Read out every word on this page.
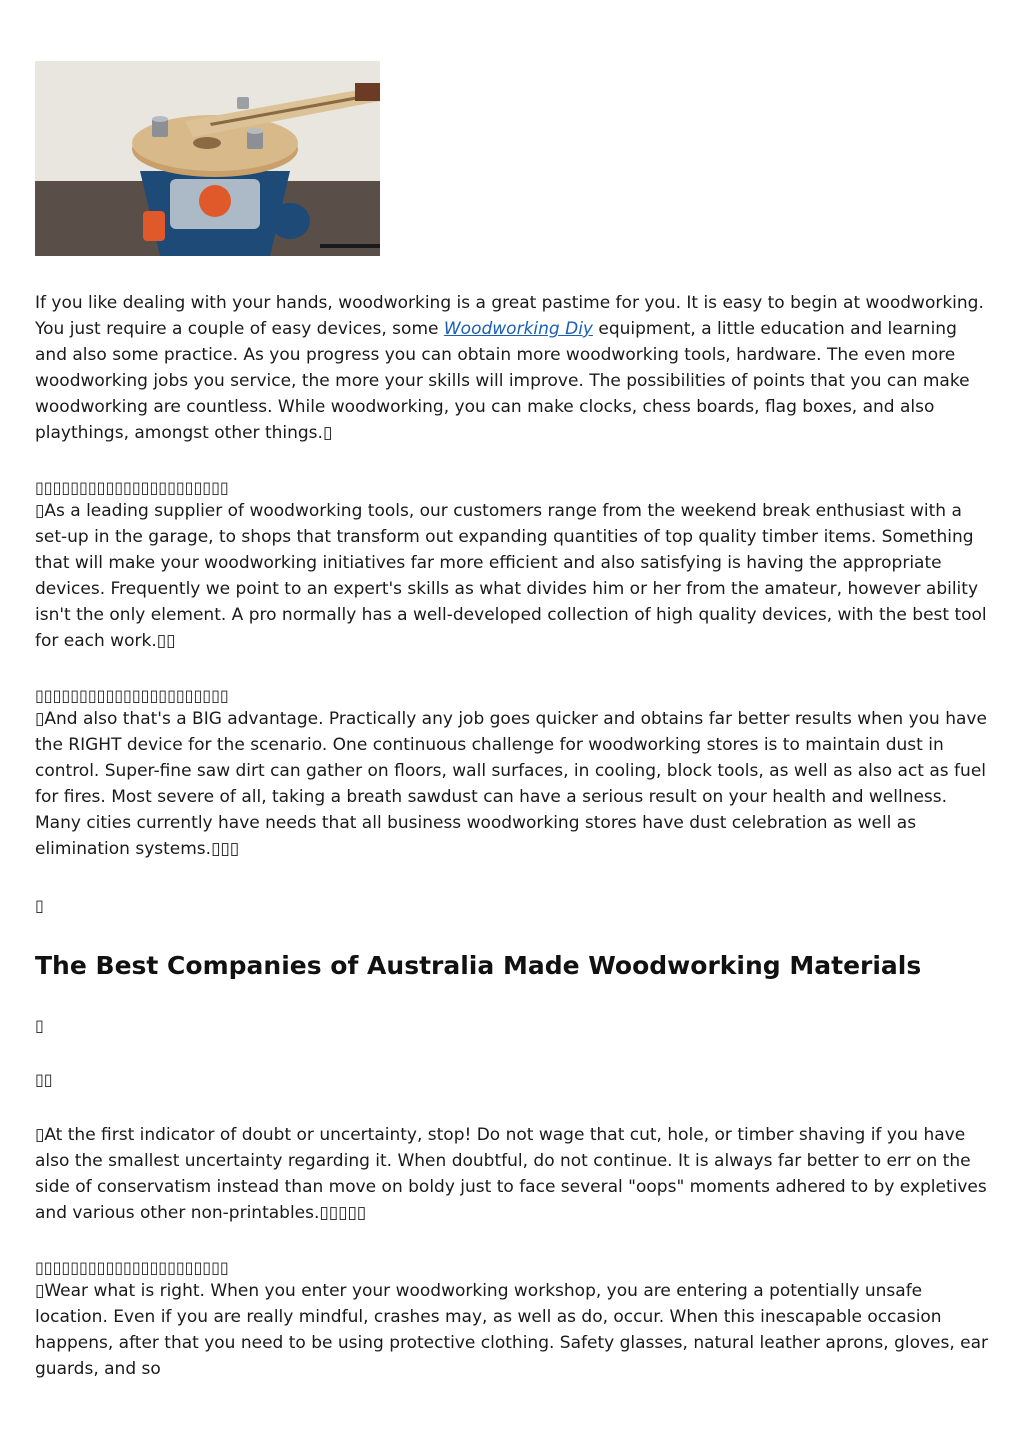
If you like dealing with your hands, woodworking is a great pastime for you. It is easy to begin at woodworking. You just require a couple of easy devices, some Woodworking Diy equipment, a little education and learning and also some practice. As you progress you can obtain more woodworking tools, hardware. The even more woodworking jobs you service, the more your skills will improve. The possibilities of points that you can make woodworking are countless. While woodworking, you can make clocks, chess boards, flag boxes, and also playthings, amongst other things.▯

▯▯▯▯▯▯▯▯▯▯▯▯▯▯▯▯▯▯▯▯▯▯

▯As a leading supplier of woodworking tools, our customers range from the weekend break enthusiast with a set-up in the garage, to shops that transform out expanding quantities of top quality timber items. Something that will make your woodworking initiatives far more efficient and also satisfying is having the appropriate devices. Frequently we point to an expert's skills as what divides him or her from the amateur, however ability isn't the only element. A pro normally has a well-developed collection of high quality devices, with the best tool for each work.▯▯

▯▯▯▯▯▯▯▯▯▯▯▯▯▯▯▯▯▯▯▯▯▯

▯And also that's a BIG advantage. Practically any job goes quicker and obtains far better results when you have the RIGHT device for the scenario. One continuous challenge for woodworking stores is to maintain dust in control. Super-fine saw dirt can gather on floors, wall surfaces, in cooling, block tools, as well as also act as fuel for fires. Most severe of all, taking a breath sawdust can have a serious result on your health and wellness. Many cities currently have needs that all business woodworking stores have dust celebration as well as elimination systems.▯▯▯

▯

The Best Companies of Australia Made Woodworking Materials

▯

▯▯

▯At the first indicator of doubt or uncertainty, stop! Do not wage that cut, hole, or timber shaving if you have also the smallest uncertainty regarding it. When doubtful, do not continue. It is always far better to err on the side of conservatism instead than move on boldy just to face several "oops" moments adhered to by expletives and various other non-printables.▯▯▯▯▯

▯▯▯▯▯▯▯▯▯▯▯▯▯▯▯▯▯▯▯▯▯▯

▯Wear what is right. When you enter your woodworking workshop, you are entering a potentially unsafe location. Even if you are really mindful, crashes may, as well as do, occur. When this inescapable occasion happens, after that you need to be using protective clothing. Safety glasses, natural leather aprons, gloves, ear guards, and so
